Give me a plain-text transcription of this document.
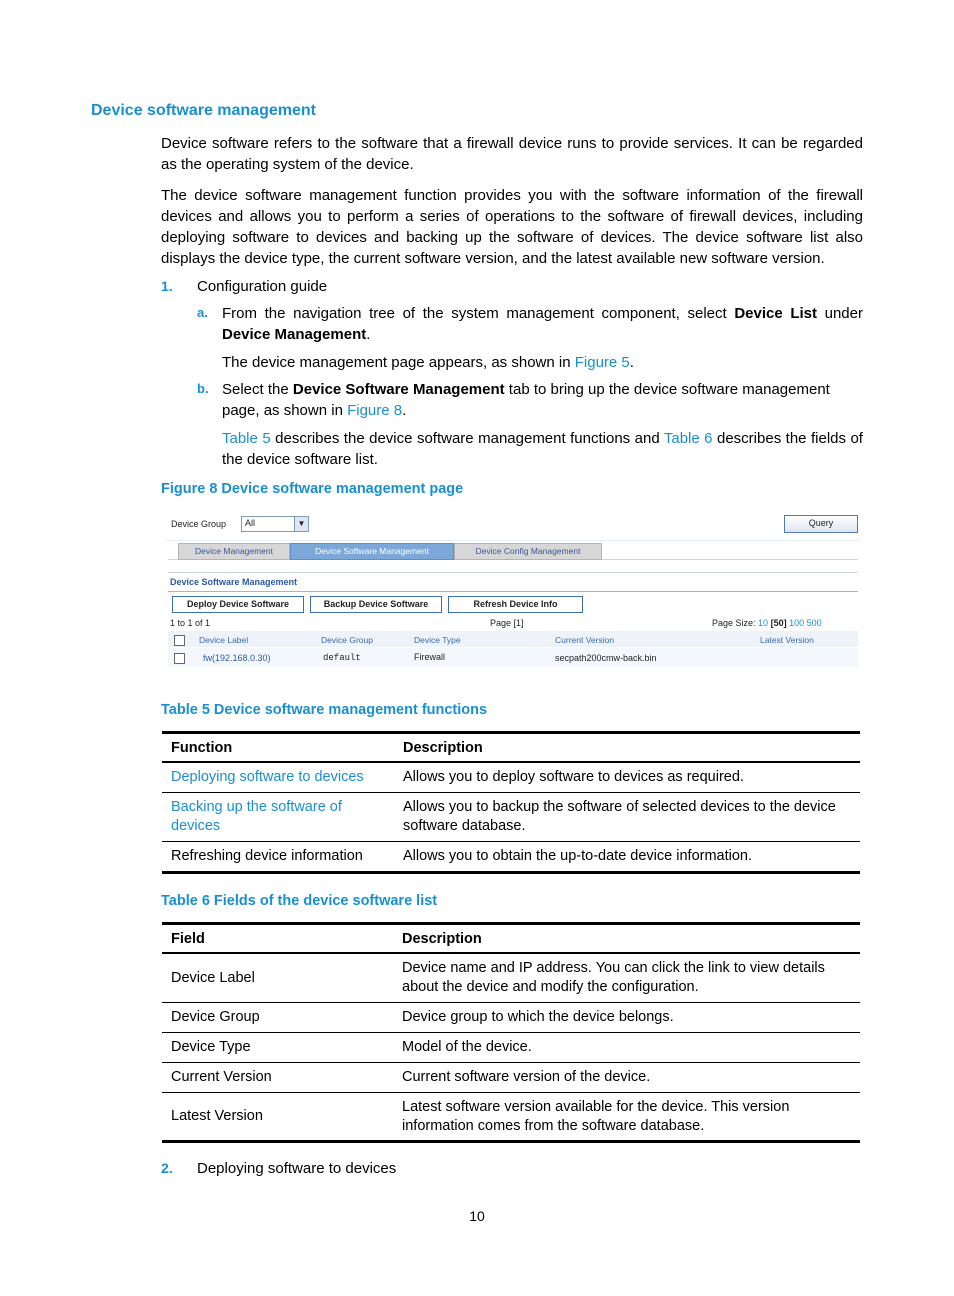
Device software management
Device software refers to the software that a firewall device runs to provide services. It can be regarded as the operating system of the device.
The device software management function provides you with the software information of the firewall devices and allows you to perform a series of operations to the software of firewall devices, including deploying software to devices and backing up the software of devices. The device software list also displays the device type, the current software version, and the latest available new software version.
1. Configuration guide
a. From the navigation tree of the system management component, select Device List under Device Management.
The device management page appears, as shown in Figure 5.
b. Select the Device Software Management tab to bring up the device software management page, as shown in Figure 8.
Table 5 describes the device software management functions and Table 6 describes the fields of the device software list.
Figure 8 Device software management page
Device Group All	▼	Query
Device Management	Device Software Management	Device Config Management
Device Software Management
Deploy Device Software	Backup Device Software	Refresh Device Info
1 to 1 of 1	Page [1]	Page Size: 10 [50] 100 500
Device Label	Device Group	Device Type	Current Version	Latest Version
fw(192.168.0.30)	default	Firewall	secpath200cmw-back.bin
Table 5 Device software management functions
Function	Description
Deploying software to devices	Allows you to deploy software to devices as required.
Backing up the software of devices	Allows you to backup the software of selected devices to the device software database.
Refreshing device information	Allows you to obtain the up-to-date device information.
Table 6 Fields of the device software list
Field	Description
Device Label	Device name and IP address. You can click the link to view details about the device and modify the configuration.
Device Group	Device group to which the device belongs.
Device Type	Model of the device.
Current Version	Current software version of the device.
Latest Version	Latest software version available for the device. This version information comes from the software database.
2. Deploying software to devices
10
